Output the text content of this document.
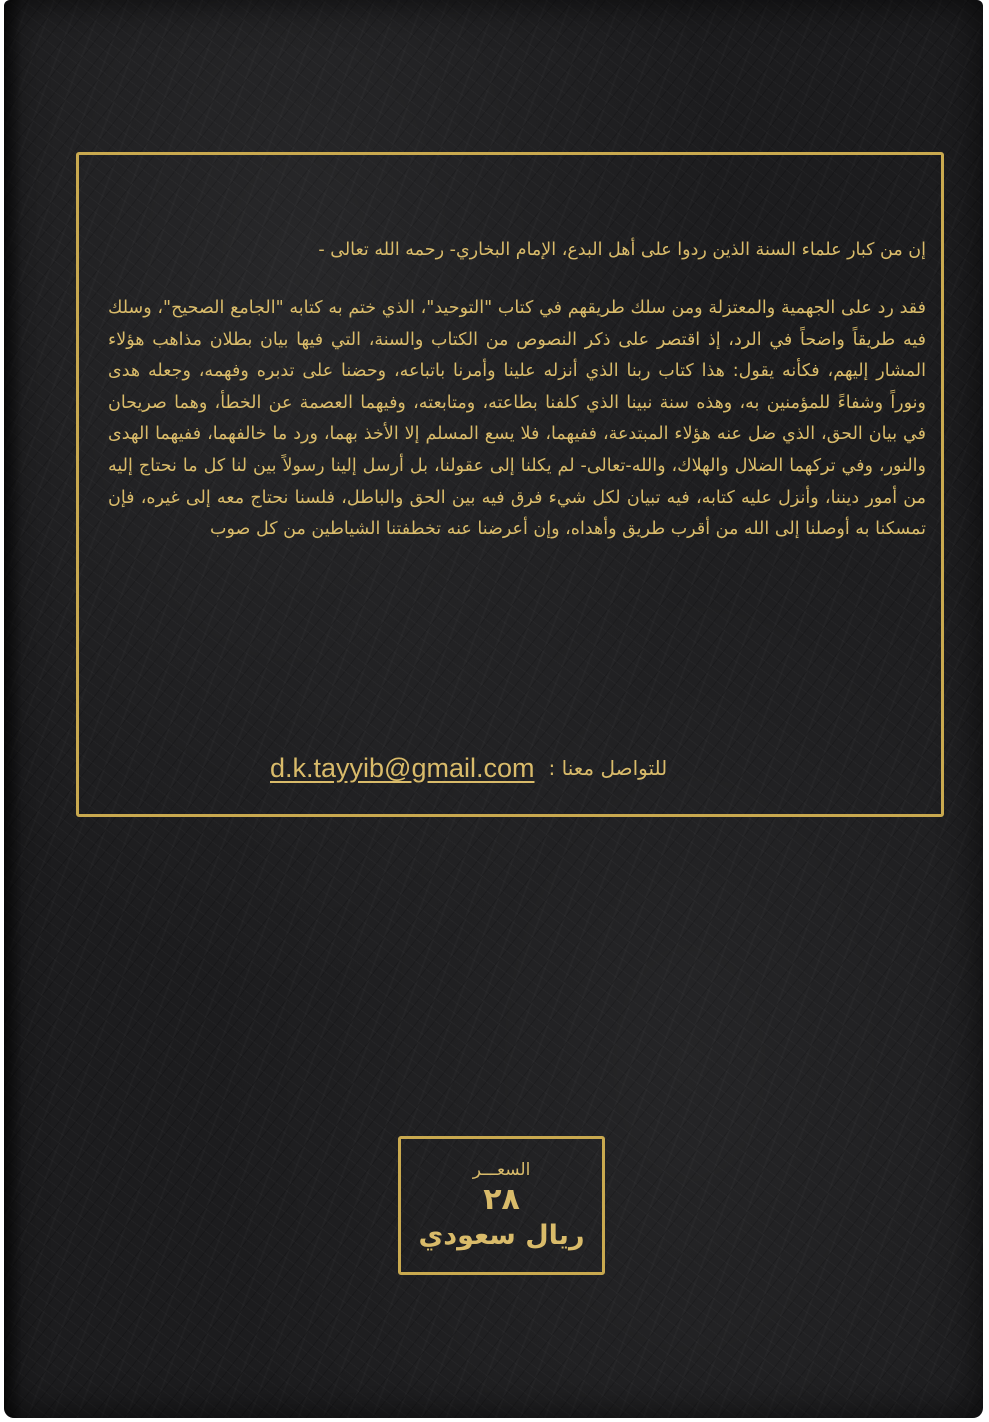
إن من كبار علماء السنة الذين ردوا على أهل البدع، الإمام البخاري- رحمه الله تعالى -
فقد رد على الجهمية والمعتزلة ومن سلك طريقهم في كتاب "التوحيد"، الذي ختم به كتابه "الجامع الصحيح"، وسلك فيه طريقاً واضحاً في الرد، إذ اقتصر على ذكر النصوص من الكتاب والسنة، التي فيها بيان بطلان مذاهب هؤلاء المشار إليهم، فكأنه يقول: هذا كتاب ربنا الذي أنزله علينا وأمرنا باتباعه، وحضنا على تدبره وفهمه، وجعله هدى ونوراً وشفاءً للمؤمنين به، وهذه سنة نبينا الذي كلفنا بطاعته، ومتابعته، وفيهما العصمة عن الخطأ، وهما صريحان في بيان الحق، الذي ضل عنه هؤلاء المبتدعة، ففيهما، فلا يسع المسلم إلا الأخذ بهما، ورد ما خالفهما، ففيهما الهدى والنور، وفي تركهما الضلال والهلاك، والله-تعالى- لم يكلنا إلى عقولنا، بل أرسل إلينا رسولاً بين لنا كل ما نحتاج إليه من أمور ديننا، وأنزل عليه كتابه، فيه تبيان لكل شيء فرق فيه بين الحق والباطل، فلسنا نحتاج معه إلى غيره، فإن تمسكنا به أوصلنا إلى الله من أقرب طريق وأهداه، وإن أعرضنا عنه تخطفتنا الشياطين من كل صوب
d.k.tayyib@gmail.com للتواصل معنا :
السعـــر
٢٨
ريال سعودي
